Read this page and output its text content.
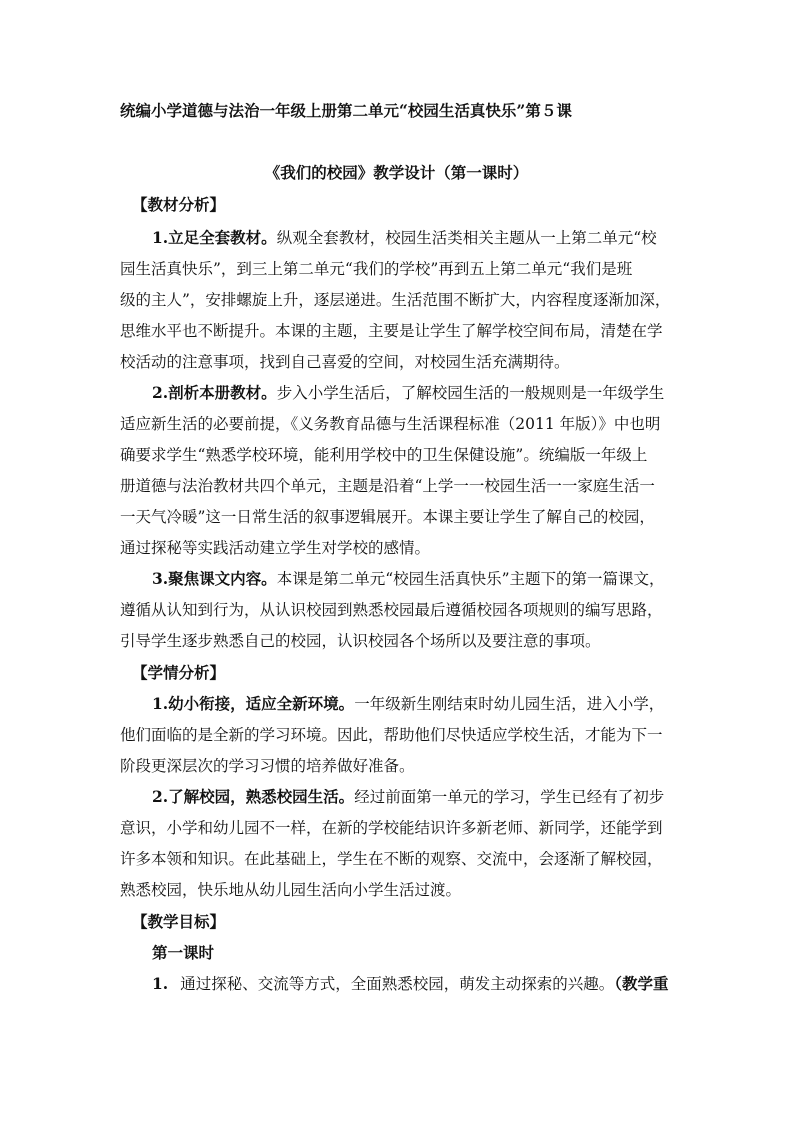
统编小学道德与法治一年级上册第二单元“校园生活真快乐”第５课
《我们的校园》教学设计（第一课时）
【教材分析】
1.立足全套教材。纵观全套教材，校园生活类相关主题从一上第二单元“校
园生活真快乐”，到三上第二单元“我们的学校”再到五上第二单元“我们是班
级的主人”，安排螺旋上升，逐层递进。生活范围不断扩大，内容程度逐渐加深，
思维水平也不断提升。本课的主题，主要是让学生了解学校空间布局，清楚在学
校活动的注意事项，找到自己喜爱的空间，对校园生活充满期待。
2.剖析本册教材。步入小学生活后，了解校园生活的一般规则是一年级学生
适应新生活的必要前提，《义务教育品德与生活课程标准（2011 年版）》中也明
确要求学生“熟悉学校环境，能利用学校中的卫生保健设施”。统编版一年级上
册道德与法治教材共四个单元，主题是沿着“上学一一校园生活一一家庭生活一
一天气冷暖”这一日常生活的叙事逻辑展开。本课主要让学生了解自己的校园，
通过探秘等实践活动建立学生对学校的感情。
3.聚焦课文内容。本课是第二单元“校园生活真快乐”主题下的第一篇课文，
遵循从认知到行为，从认识校园到熟悉校园最后遵循校园各项规则的编写思路，
引导学生逐步熟悉自己的校园，认识校园各个场所以及要注意的事项。
【学情分析】
1.幼小衔接，适应全新环境。一年级新生刚结束时幼儿园生活，进入小学，
他们面临的是全新的学习环境。因此，帮助他们尽快适应学校生活，才能为下一
阶段更深层次的学习习惯的培养做好准备。
2.了解校园，熟悉校园生活。经过前面第一单元的学习，学生已经有了初步
意识，小学和幼儿园不一样，在新的学校能结识许多新老师、新同学，还能学到
许多本领和知识。在此基础上，学生在不断的观察、交流中，会逐渐了解校园，
熟悉校园，快乐地从幼儿园生活向小学生活过渡。
【教学目标】
第一课时
1. 通过探秘、交流等方式，全面熟悉校园，萌发主动探索的兴趣。（教学重
